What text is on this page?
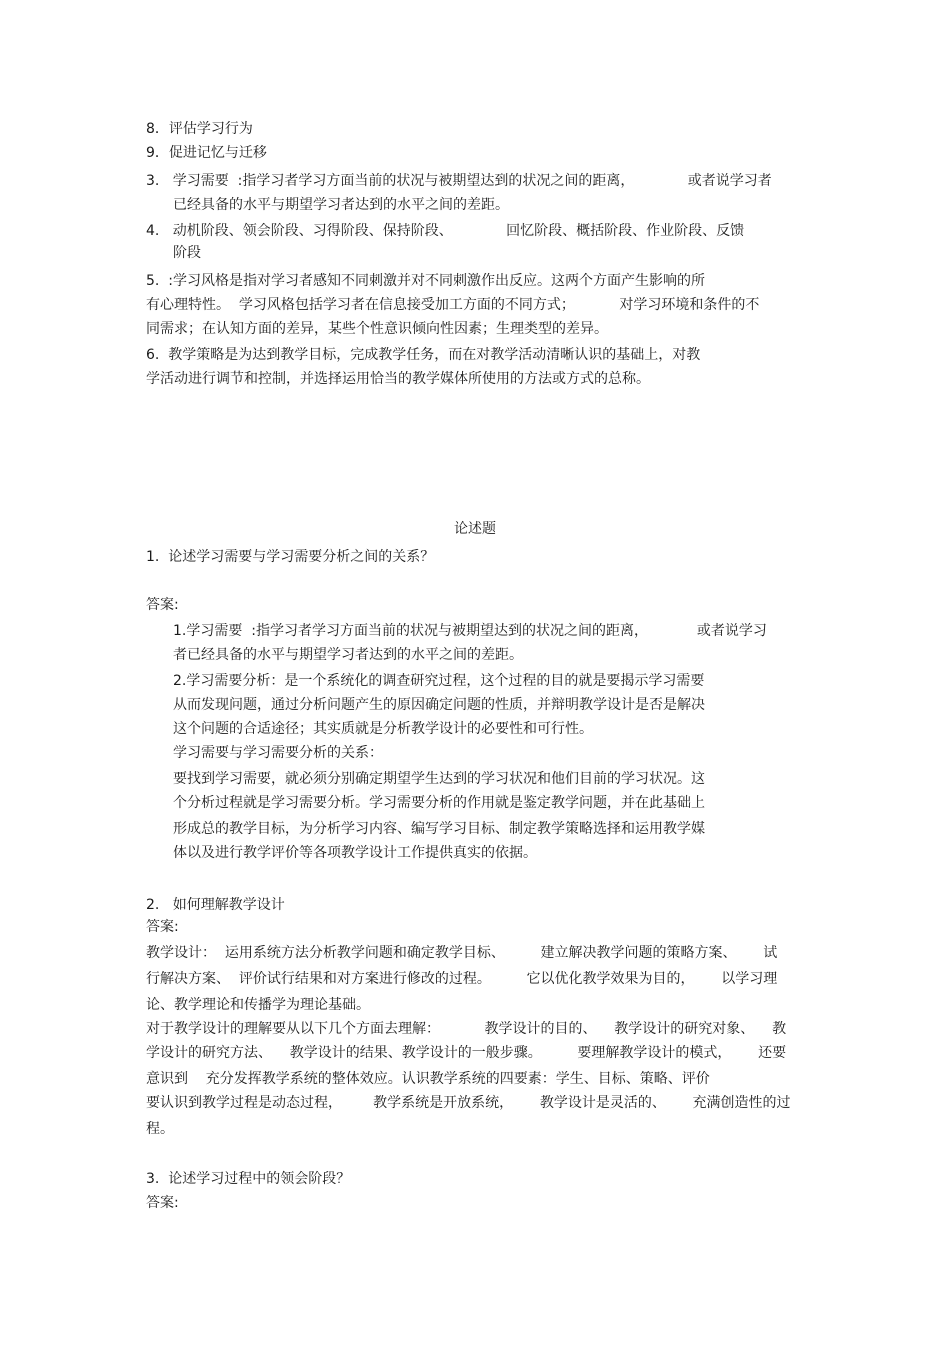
8．评估学习行为
9．促进记忆与迁移
3.   学习需要  :指学习者学习方面当前的状况与被期望达到的状况之间的距离，            或者说学习者
已经具备的水平与期望学习者达到的水平之间的差距。
4.   动机阶段、领会阶段、习得阶段、保持阶段、            回忆阶段、概括阶段、作业阶段、反馈
阶段
5.  :学习风格是指对学习者感知不同刺激并对不同刺激作出反应。这两个方面产生影响的所
有心理特性。  学习风格包括学习者在信息接受加工方面的不同方式；          对学习环境和条件的不
同需求；在认知方面的差异，某些个性意识倾向性因素；生理类型的差异。
6.  教学策略是为达到教学目标，完成教学任务，而在对教学活动清晰认识的基础上，对教
学活动进行调节和控制，并选择运用恰当的教学媒体所使用的方法或方式的总称。
论述题
1.  论述学习需要与学习需要分析之间的关系？
答案:
1.学习需要  :指学习者学习方面当前的状况与被期望达到的状况之间的距离，           或者说学习
者已经具备的水平与期望学习者达到的水平之间的差距。
2.学习需要分析：是一个系统化的调查研究过程，这个过程的目的就是要揭示学习需要
从而发现问题，通过分析问题产生的原因确定问题的性质，并辩明教学设计是否是解决
这个问题的合适途径；其实质就是分析教学设计的必要性和可行性。
学习需要与学习需要分析的关系：
要找到学习需要，就必须分别确定期望学生达到的学习状况和他们目前的学习状况。这
个分析过程就是学习需要分析。学习需要分析的作用就是鉴定教学问题，并在此基础上
形成总的教学目标，为分析学习内容、编写学习目标、制定教学策略选择和运用教学媒
体以及进行教学评价等各项教学设计工作提供真实的依据。
2.   如何理解教学设计
答案:
教学设计：  运用系统方法分析教学问题和确定教学目标、        建立解决教学问题的策略方案、      试
行解决方案、  评价试行结果和对方案进行修改的过程。        它以优化教学效果为目的，      以学习理
论、教学理论和传播学为理论基础。
对于教学设计的理解要从以下几个方面去理解：          教学设计的目的、    教学设计的研究对象、    教
学设计的研究方法、    教学设计的结果、教学设计的一般步骤。        要理解教学设计的模式，      还要
意识到    充分发挥教学系统的整体效应。认识教学系统的四要素：学生、目标、策略、评价
要认识到教学过程是动态过程，       教学系统是开放系统，      教学设计是灵活的、      充满创造性的过
程。
3.  论述学习过程中的领会阶段？
答案:
